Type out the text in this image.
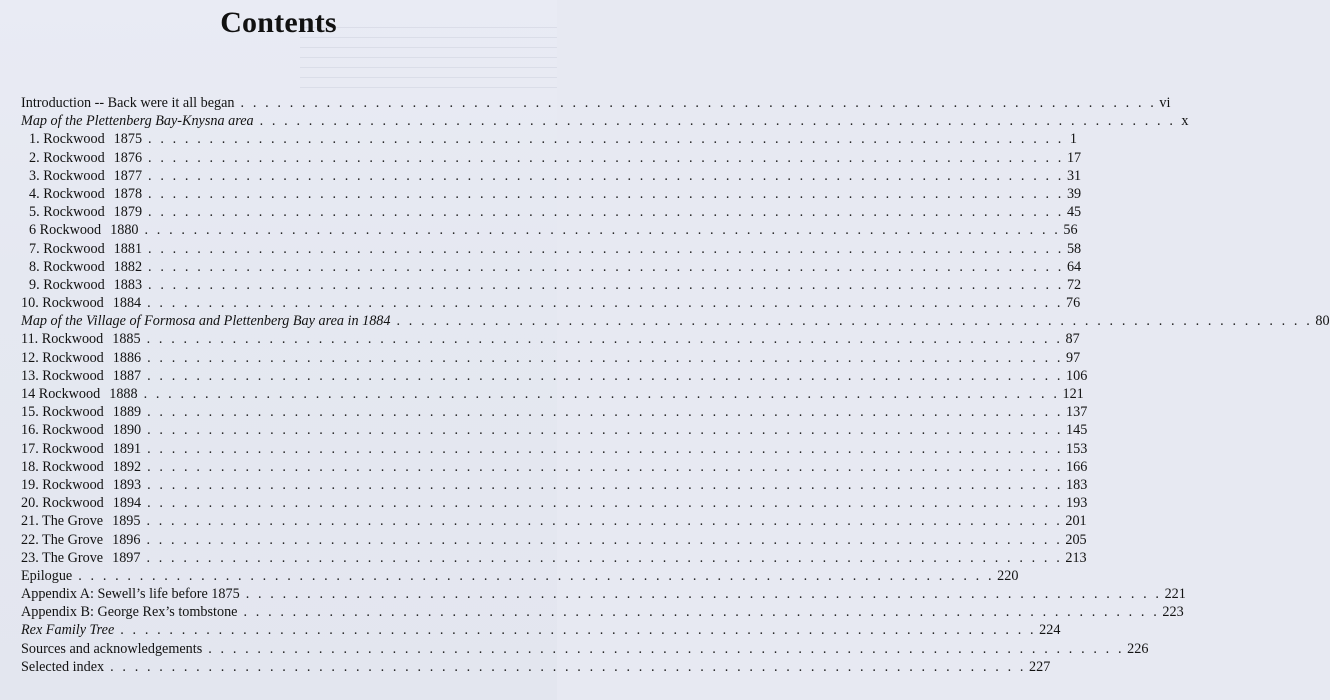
Contents
Introduction -- Back were it all began . . . . . . . . . . . . . . . . . . . . . . . . . . . . . . . . . . . . . . . . . . . . . . . . . . . . . . . . . . . . . . . . . . . . . . . . . . . vi
Map of the Plettenberg Bay-Knysna area . . . . . . . . . . . . . . . . . . . . . . . . . . . . . . . . . . . . . . . . . . . . . . . . . . . . . . . . . . . . . . . . . . . . . . . . . . . x
1. Rockwood 1875 . . . . . . . . . . . . . . . . . . . . . . . . . . . . . . . . . . . . . . . . . . . . . . . . . . . . . . . . . . . . . . . . . . . . . . . . . . . 1
2. Rockwood 1876 . . . . . . . . . . . . . . . . . . . . . . . . . . . . . . . . . . . . . . . . . . . . . . . . . . . . . . . . . . . . . . . . . . . . . . . . . . . 17
3. Rockwood 1877 . . . . . . . . . . . . . . . . . . . . . . . . . . . . . . . . . . . . . . . . . . . . . . . . . . . . . . . . . . . . . . . . . . . . . . . . . . . 31
4. Rockwood 1878 . . . . . . . . . . . . . . . . . . . . . . . . . . . . . . . . . . . . . . . . . . . . . . . . . . . . . . . . . . . . . . . . . . . . . . . . . . . 39
5. Rockwood 1879 . . . . . . . . . . . . . . . . . . . . . . . . . . . . . . . . . . . . . . . . . . . . . . . . . . . . . . . . . . . . . . . . . . . . . . . . . . . 45
6 Rockwood 1880 . . . . . . . . . . . . . . . . . . . . . . . . . . . . . . . . . . . . . . . . . . . . . . . . . . . . . . . . . . . . . . . . . . . . . . . . . . . 56
7. Rockwood 1881 . . . . . . . . . . . . . . . . . . . . . . . . . . . . . . . . . . . . . . . . . . . . . . . . . . . . . . . . . . . . . . . . . . . . . . . . . . . 58
8. Rockwood 1882 . . . . . . . . . . . . . . . . . . . . . . . . . . . . . . . . . . . . . . . . . . . . . . . . . . . . . . . . . . . . . . . . . . . . . . . . . . . 64
9. Rockwood 1883 . . . . . . . . . . . . . . . . . . . . . . . . . . . . . . . . . . . . . . . . . . . . . . . . . . . . . . . . . . . . . . . . . . . . . . . . . . . 72
10. Rockwood 1884 . . . . . . . . . . . . . . . . . . . . . . . . . . . . . . . . . . . . . . . . . . . . . . . . . . . . . . . . . . . . . . . . . . . . . . . . . . . 76
Map of the Village of Formosa and Plettenberg Bay area in 1884 . . . . . . . . . . . . . . . . . . . . . . . . . . . . . . . . . . . . . . . . . . . . . . . . . . . . . . . . . . . . . . . . . . . . . . . . . . . 80
11. Rockwood 1885 . . . . . . . . . . . . . . . . . . . . . . . . . . . . . . . . . . . . . . . . . . . . . . . . . . . . . . . . . . . . . . . . . . . . . . . . . . . 87
12. Rockwood 1886 . . . . . . . . . . . . . . . . . . . . . . . . . . . . . . . . . . . . . . . . . . . . . . . . . . . . . . . . . . . . . . . . . . . . . . . . . . . 97
13. Rockwood 1887 . . . . . . . . . . . . . . . . . . . . . . . . . . . . . . . . . . . . . . . . . . . . . . . . . . . . . . . . . . . . . . . . . . . . . . . . . . . 106
14 Rockwood 1888 . . . . . . . . . . . . . . . . . . . . . . . . . . . . . . . . . . . . . . . . . . . . . . . . . . . . . . . . . . . . . . . . . . . . . . . . . . . 121
15. Rockwood 1889 . . . . . . . . . . . . . . . . . . . . . . . . . . . . . . . . . . . . . . . . . . . . . . . . . . . . . . . . . . . . . . . . . . . . . . . . . . . 137
16. Rockwood 1890 . . . . . . . . . . . . . . . . . . . . . . . . . . . . . . . . . . . . . . . . . . . . . . . . . . . . . . . . . . . . . . . . . . . . . . . . . . . 145
17. Rockwood 1891 . . . . . . . . . . . . . . . . . . . . . . . . . . . . . . . . . . . . . . . . . . . . . . . . . . . . . . . . . . . . . . . . . . . . . . . . . . . 153
18. Rockwood 1892 . . . . . . . . . . . . . . . . . . . . . . . . . . . . . . . . . . . . . . . . . . . . . . . . . . . . . . . . . . . . . . . . . . . . . . . . . . . 166
19. Rockwood 1893 . . . . . . . . . . . . . . . . . . . . . . . . . . . . . . . . . . . . . . . . . . . . . . . . . . . . . . . . . . . . . . . . . . . . . . . . . . . 183
20. Rockwood 1894 . . . . . . . . . . . . . . . . . . . . . . . . . . . . . . . . . . . . . . . . . . . . . . . . . . . . . . . . . . . . . . . . . . . . . . . . . . . 193
21. The Grove 1895 . . . . . . . . . . . . . . . . . . . . . . . . . . . . . . . . . . . . . . . . . . . . . . . . . . . . . . . . . . . . . . . . . . . . . . . . . . . 201
22. The Grove 1896 . . . . . . . . . . . . . . . . . . . . . . . . . . . . . . . . . . . . . . . . . . . . . . . . . . . . . . . . . . . . . . . . . . . . . . . . . . . 205
23. The Grove 1897 . . . . . . . . . . . . . . . . . . . . . . . . . . . . . . . . . . . . . . . . . . . . . . . . . . . . . . . . . . . . . . . . . . . . . . . . . . . 213
Epilogue . . . . . . . . . . . . . . . . . . . . . . . . . . . . . . . . . . . . . . . . . . . . . . . . . . . . . . . . . . . . . . . . . . . . . . . . . . . 220
Appendix A: Sewell’s life before 1875 . . . . . . . . . . . . . . . . . . . . . . . . . . . . . . . . . . . . . . . . . . . . . . . . . . . . . . . . . . . . . . . . . . . . . . . . . . . 221
Appendix B: George Rex’s tombstone . . . . . . . . . . . . . . . . . . . . . . . . . . . . . . . . . . . . . . . . . . . . . . . . . . . . . . . . . . . . . . . . . . . . . . . . . . . 223
Rex Family Tree . . . . . . . . . . . . . . . . . . . . . . . . . . . . . . . . . . . . . . . . . . . . . . . . . . . . . . . . . . . . . . . . . . . . . . . . . . . 224
Sources and acknowledgements . . . . . . . . . . . . . . . . . . . . . . . . . . . . . . . . . . . . . . . . . . . . . . . . . . . . . . . . . . . . . . . . . . . . . . . . . . . 226
Selected index . . . . . . . . . . . . . . . . . . . . . . . . . . . . . . . . . . . . . . . . . . . . . . . . . . . . . . . . . . . . . . . . . . . . . . . . . . . 227
